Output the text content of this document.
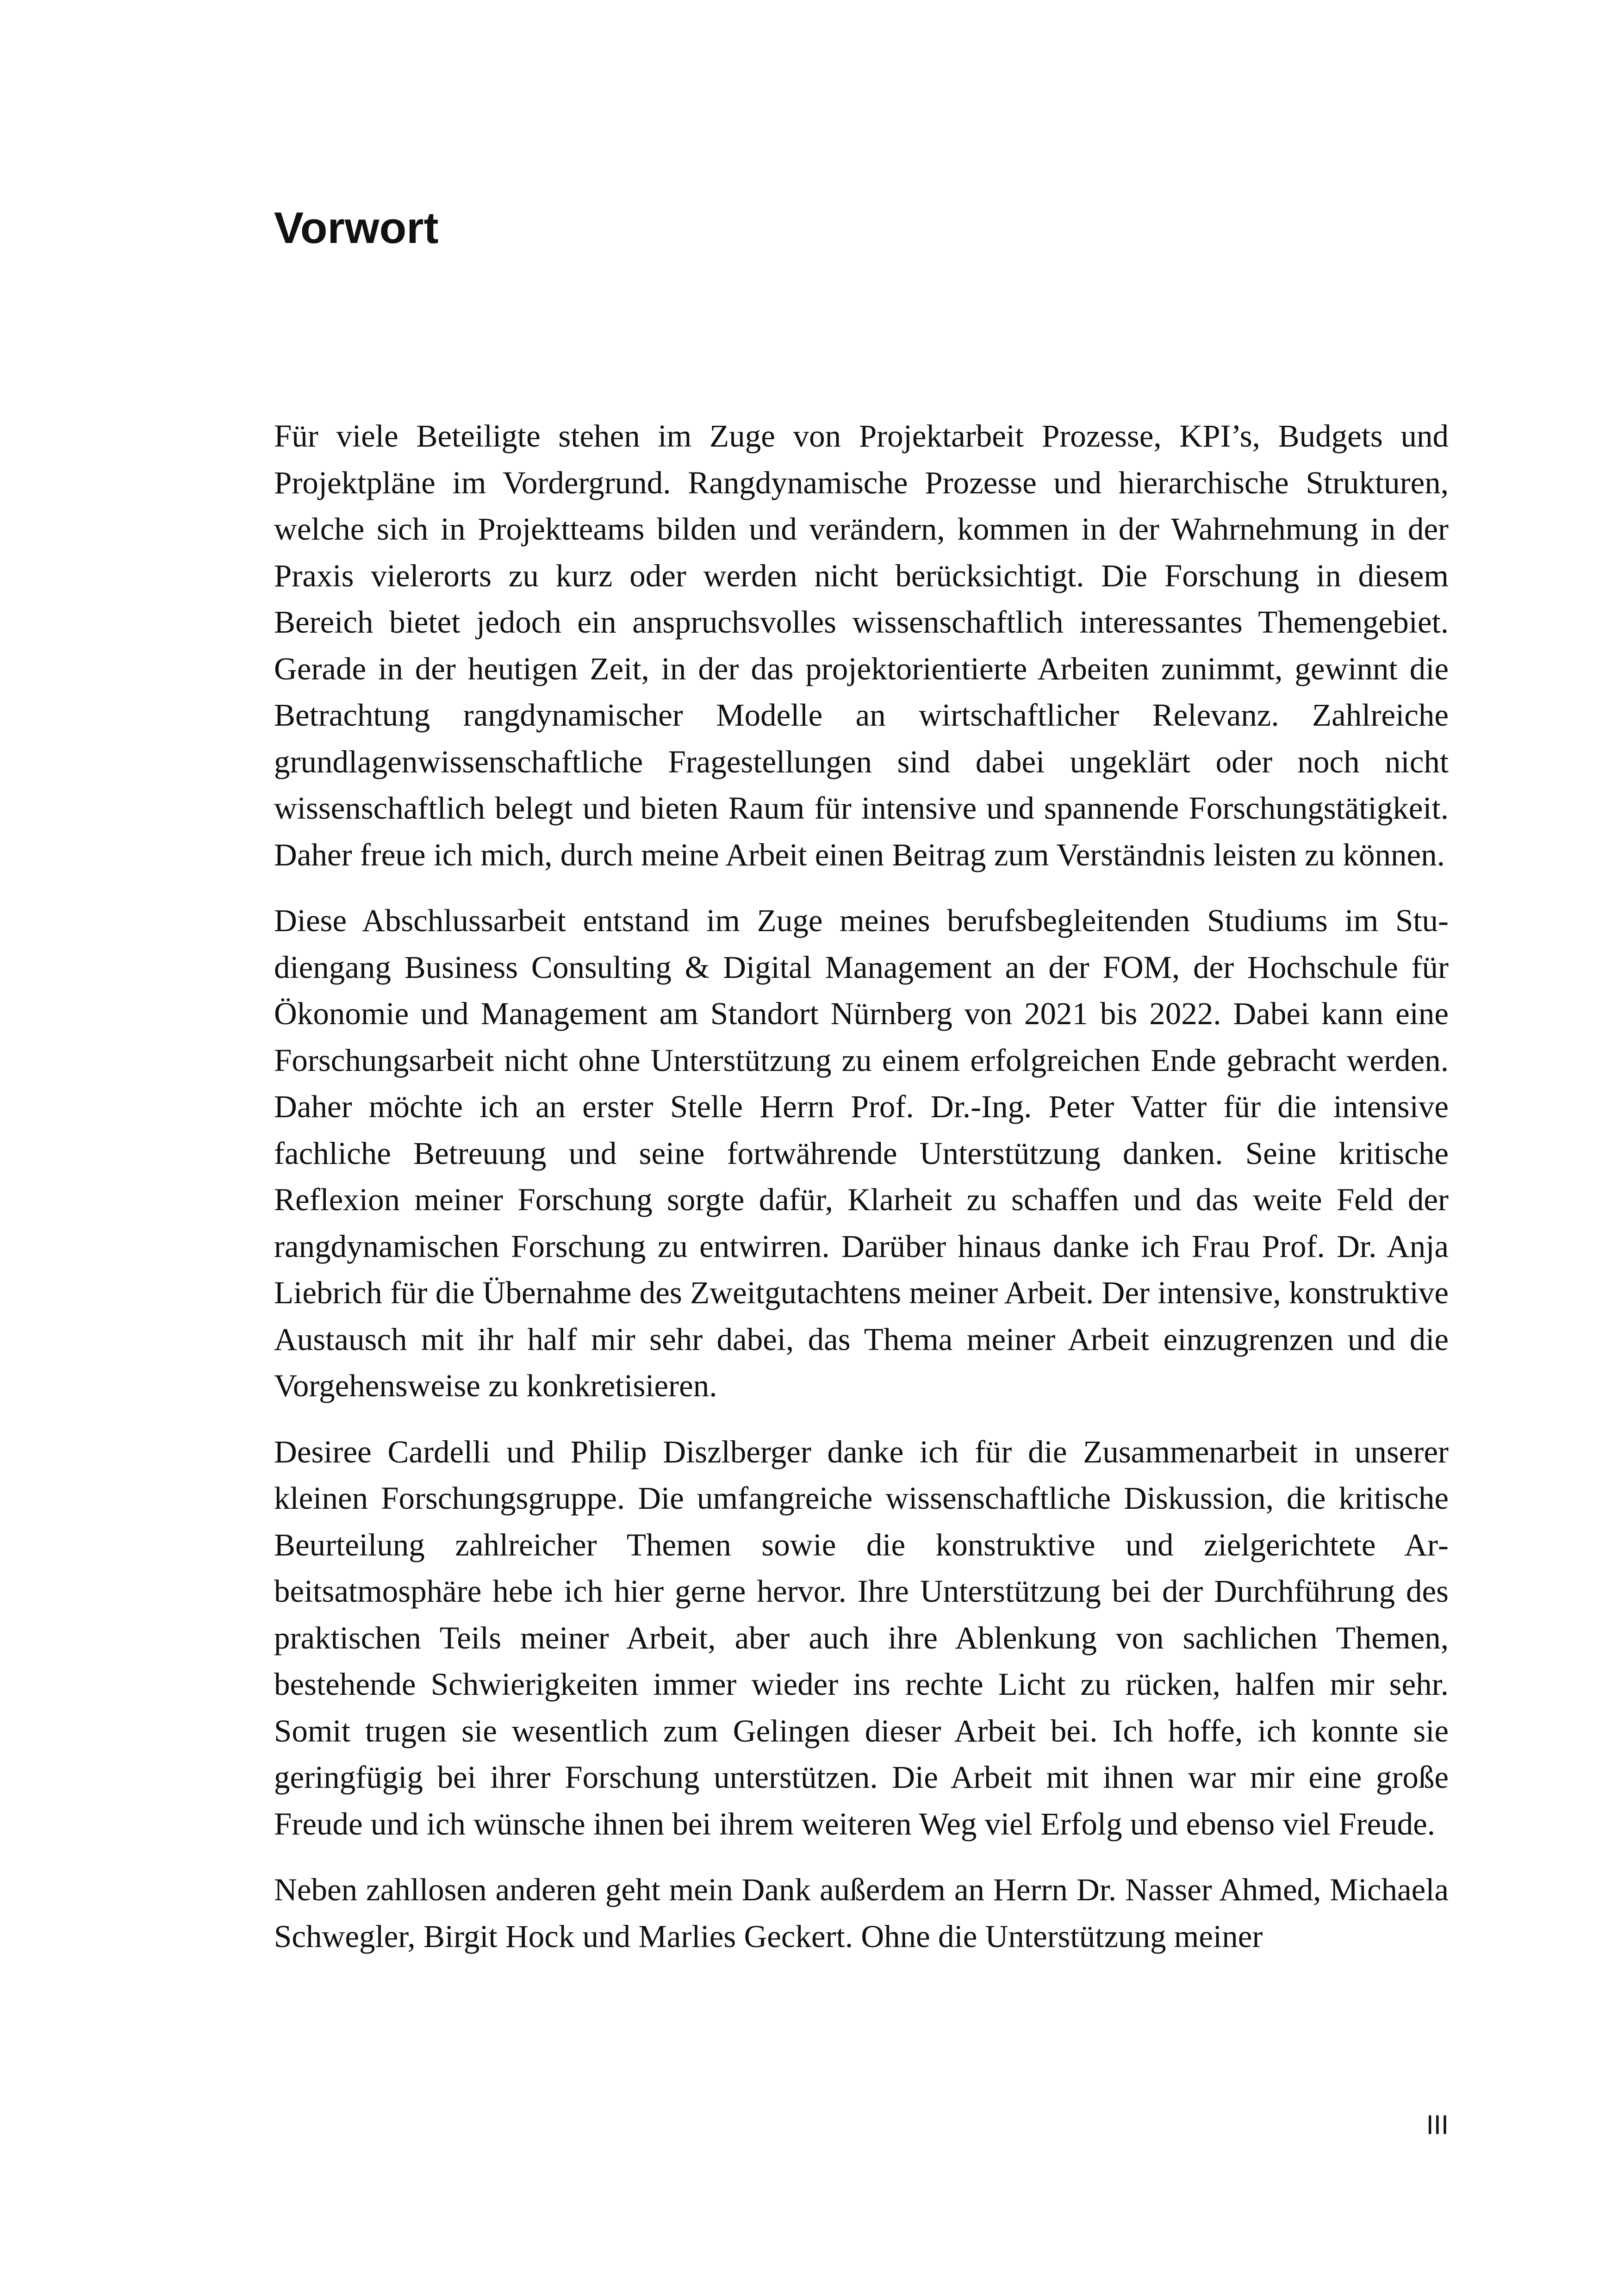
Vorwort

Für viele Beteiligte stehen im Zuge von Projektarbeit Prozesse, KPI’s, Budgets und Projektpläne im Vordergrund. Rangdynamische Prozesse und hierarchische Strukturen, welche sich in Projektteams bilden und verändern, kommen in der Wahrnehmung in der Praxis vielerorts zu kurz oder werden nicht berücksichtigt. Die Forschung in diesem Bereich bietet jedoch ein anspruchsvolles wissenschaftlich interessantes Themengebiet. Gerade in der heutigen Zeit, in der das projektorientierte Arbeiten zunimmt, gewinnt die Betrachtung rangdynamischer Modelle an wirtschaftlicher Relevanz. Zahlreiche grundlagenwissenschaftliche Fragestellungen sind dabei ungeklärt oder noch nicht wissenschaftlich belegt und bieten Raum für intensive und spannende Forschungstätigkeit. Daher freue ich mich, durch meine Arbeit einen Beitrag zum Verständnis leisten zu können.

Diese Abschlussarbeit entstand im Zuge meines berufsbegleitenden Studiums im Studiengang Business Consulting & Digital Management an der FOM, der Hochschule für Ökonomie und Management am Standort Nürnberg von 2021 bis 2022. Dabei kann eine Forschungsarbeit nicht ohne Unterstützung zu einem erfolgreichen Ende gebracht werden. Daher möchte ich an erster Stelle Herrn Prof. Dr.-Ing. Peter Vatter für die intensive fachliche Betreuung und seine fortwährende Unterstützung danken. Seine kritische Reflexion meiner Forschung sorgte dafür, Klarheit zu schaffen und das weite Feld der rangdynamischen Forschung zu entwirren. Darüber hinaus danke ich Frau Prof. Dr. Anja Liebrich für die Übernahme des Zweitgutachtens meiner Arbeit. Der intensive, konstruktive Austausch mit ihr half mir sehr dabei, das Thema meiner Arbeit einzugrenzen und die Vorgehensweise zu konkretisieren.

Desiree Cardelli und Philip Diszlberger danke ich für die Zusammenarbeit in unserer kleinen Forschungsgruppe. Die umfangreiche wissenschaftliche Diskussion, die kritische Beurteilung zahlreicher Themen sowie die konstruktive und zielgerichtete Arbeitsatmosphäre hebe ich hier gerne hervor. Ihre Unterstützung bei der Durchführung des praktischen Teils meiner Arbeit, aber auch ihre Ablenkung von sachlichen Themen, bestehende Schwierigkeiten immer wieder ins rechte Licht zu rücken, halfen mir sehr. Somit trugen sie wesentlich zum Gelingen dieser Arbeit bei. Ich hoffe, ich konnte sie geringfügig bei ihrer Forschung unterstützen. Die Arbeit mit ihnen war mir eine große Freude und ich wünsche ihnen bei ihrem weiteren Weg viel Erfolg und ebenso viel Freude.

Neben zahllosen anderen geht mein Dank außerdem an Herrn Dr. Nasser Ahmed, Michaela Schwegler, Birgit Hock und Marlies Geckert. Ohne die Unterstützung meiner

III
